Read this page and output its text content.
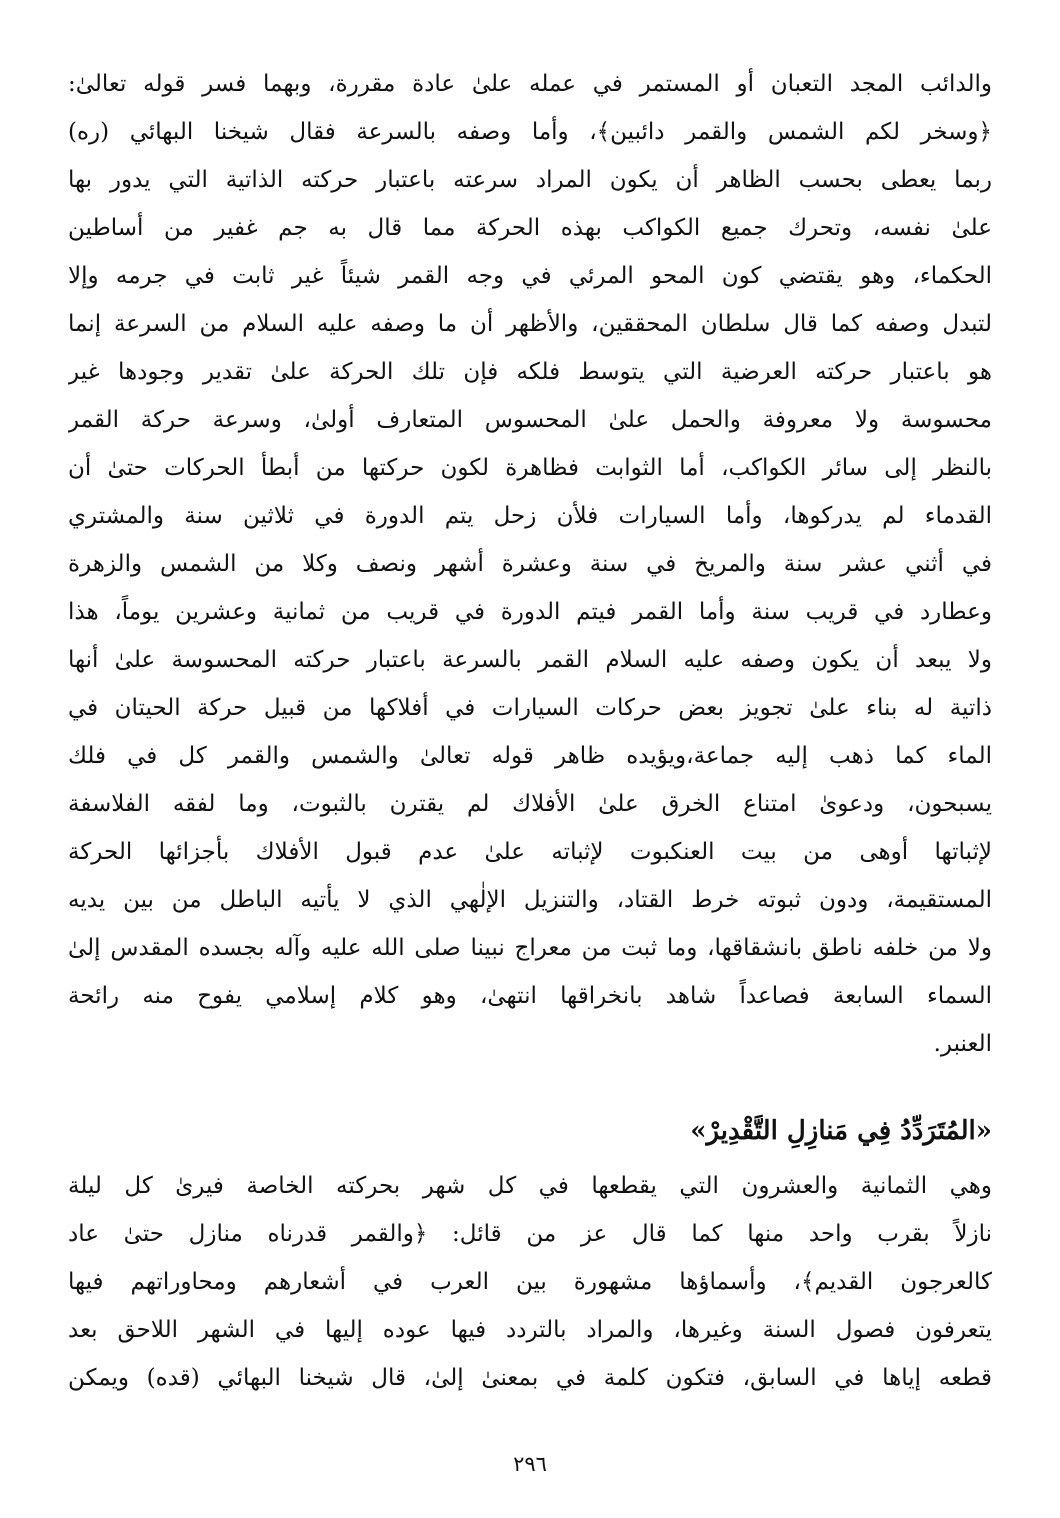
والدائب المجد التعبان أو المستمر في عمله علىٰ عادة مقررة، وبهما فسر قوله تعالىٰ:
﴿وسخر لكم الشمس والقمر دائبين﴾، وأما وصفه بالسرعة فقال شيخنا البهائي (ره)
ربما يعطى بحسب الظاهر أن يكون المراد سرعته باعتبار حركته الذاتية التي يدور بها
علىٰ نفسه، وتحرك جميع الكواكب بهذه الحركة مما قال به جم غفير من أساطين
الحكماء، وهو يقتضي كون المحو المرئي في وجه القمر شيئاً غير ثابت في جرمه وإلا
لتبدل وصفه كما قال سلطان المحققين، والأظهر أن ما وصفه عليه السلام من السرعة إنما
هو باعتبار حركته العرضية التي يتوسط فلكه فإن تلك الحركة علىٰ تقدير وجودها غير
محسوسة ولا معروفة والحمل علىٰ المحسوس المتعارف أولىٰ، وسرعة حركة القمر
بالنظر إلى سائر الكواكب، أما الثوابت فظاهرة لكون حركتها من أبطأ الحركات حتىٰ أن
القدماء لم يدركوها، وأما السيارات فلأن زحل يتم الدورة في ثلاثين سنة والمشتري
في أثني عشر سنة والمريخ في سنة وعشرة أشهر ونصف وكلا من الشمس والزهرة
وعطارد في قريب سنة وأما القمر فيتم الدورة في قريب من ثمانية وعشرين يوماً، هذا
ولا يبعد أن يكون وصفه عليه السلام القمر بالسرعة باعتبار حركته المحسوسة علىٰ أنها
ذاتية له بناء علىٰ تجويز بعض حركات السيارات في أفلاكها من قبيل حركة الحيتان في
الماء كما ذهب إليه جماعة،ويؤيده ظاهر قوله تعالىٰ والشمس والقمر كل في فلك
يسبحون، ودعوىٰ امتناع الخرق علىٰ الأفلاك لم يقترن بالثبوت، وما لفقه الفلاسفة
لإثباتها أوهى من بيت العنكبوت لإثباته علىٰ عدم قبول الأفلاك بأجزائها الحركة
المستقيمة، ودون ثبوته خرط القتاد، والتنزيل الإلٰهي الذي لا يأتيه الباطل من بين يديه
ولا من خلفه ناطق بانشقاقها، وما ثبت من معراج نبينا صلى الله عليه وآله بجسده المقدس إلىٰ
السماء السابعة فصاعداً شاهد بانخراقها انتهىٰ، وهو كلام إسلامي يفوح منه رائحة
العنبر.
«المُتَرَدِّدُ فِي مَنازِلِ التَّقْدِيرْ»
وهي الثمانية والعشرون التي يقطعها في كل شهر بحركته الخاصة فيرىٰ كل ليلة
نازلاً بقرب واحد منها كما قال عز من قائل: ﴿والقمر قدرناه منازل حتىٰ عاد
كالعرجون القديم﴾، وأسماؤها مشهورة بين العرب في أشعارهم ومحاوراتهم فيها
يتعرفون فصول السنة وغيرها، والمراد بالتردد فيها عوده إليها في الشهر اللاحق بعد
قطعه إياها في السابق، فتكون كلمة في بمعنىٰ إلىٰ، قال شيخنا البهائي (قده) ويمكن
٢٩٦
